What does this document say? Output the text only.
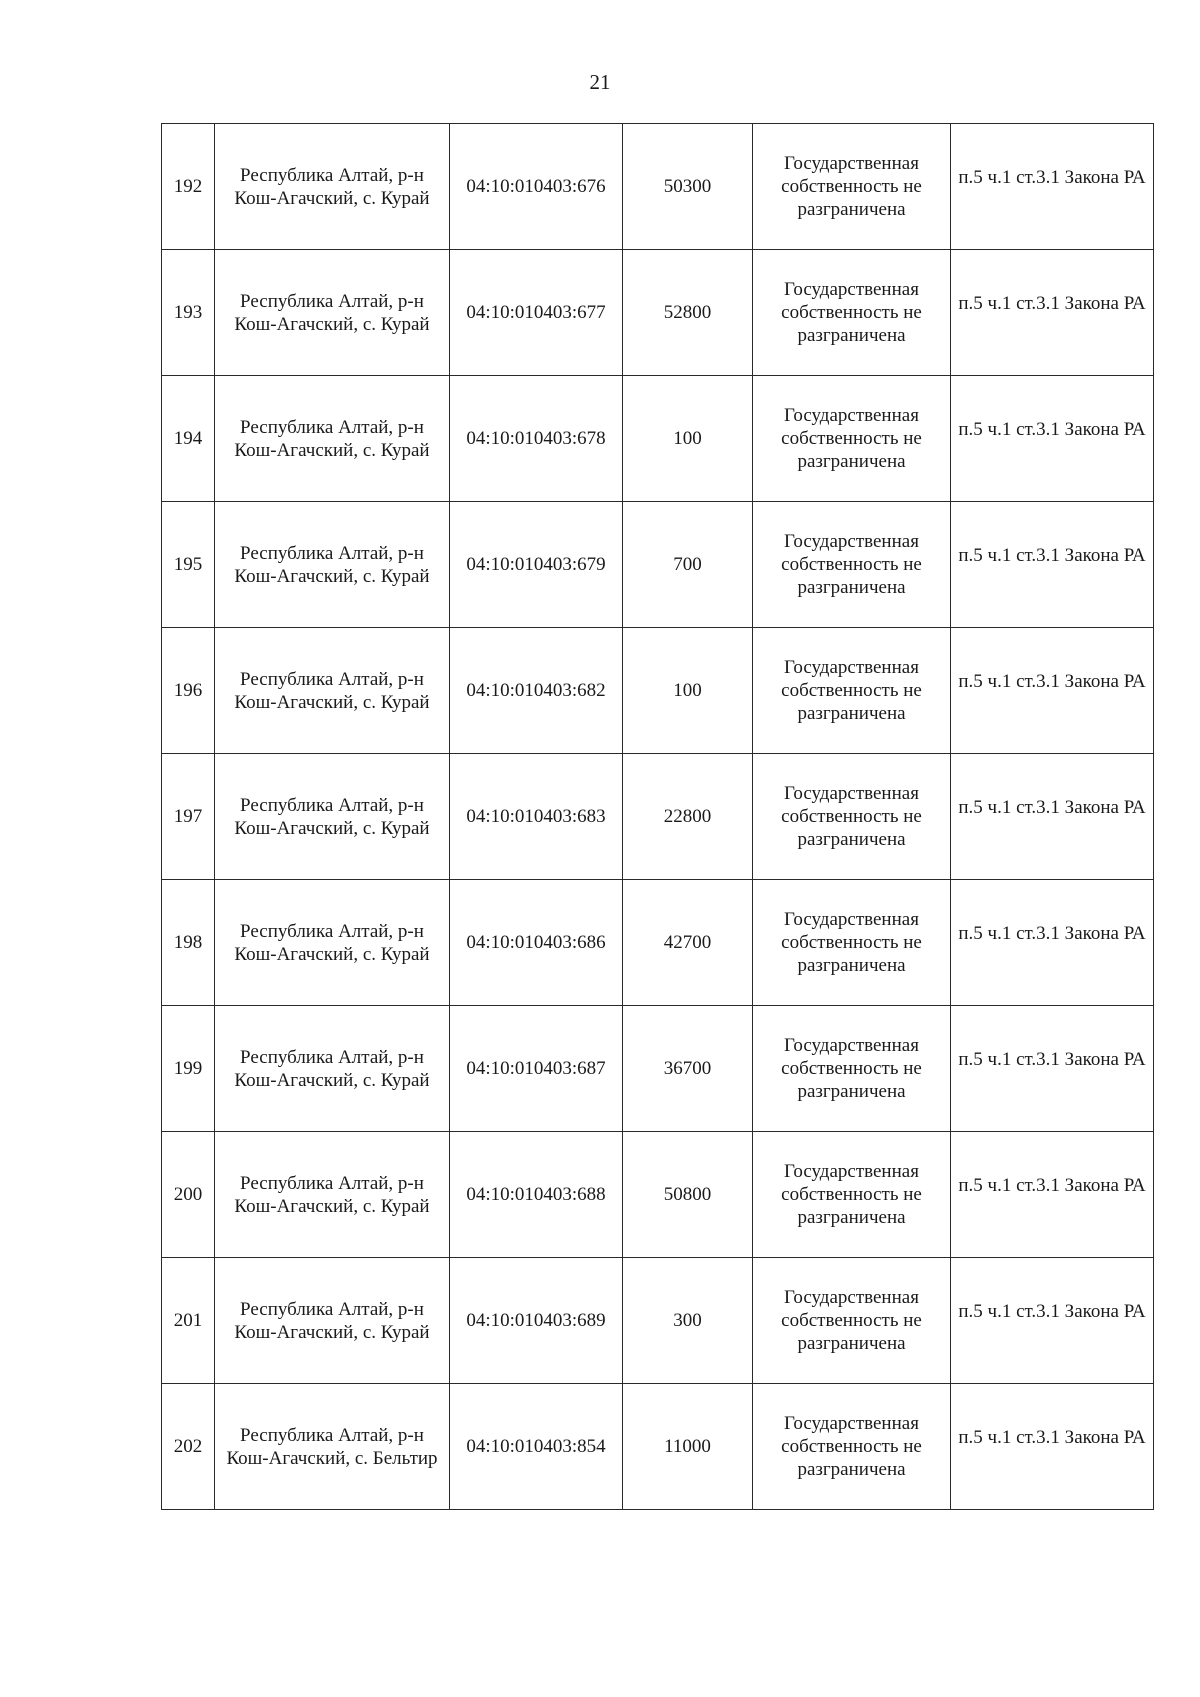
21
192	Республика Алтай, р-н Кош-Агачский, с. Курай	04:10:010403:676	50300	Государственная собственность не разграничена	п.5 ч.1 ст.3.1 Закона РА
193	Республика Алтай, р-н Кош-Агачский, с. Курай	04:10:010403:677	52800	Государственная собственность не разграничена	п.5 ч.1 ст.3.1 Закона РА
194	Республика Алтай, р-н Кош-Агачский, с. Курай	04:10:010403:678	100	Государственная собственность не разграничена	п.5 ч.1 ст.3.1 Закона РА
195	Республика Алтай, р-н Кош-Агачский, с. Курай	04:10:010403:679	700	Государственная собственность не разграничена	п.5 ч.1 ст.3.1 Закона РА
196	Республика Алтай, р-н Кош-Агачский, с. Курай	04:10:010403:682	100	Государственная собственность не разграничена	п.5 ч.1 ст.3.1 Закона РА
197	Республика Алтай, р-н Кош-Агачский, с. Курай	04:10:010403:683	22800	Государственная собственность не разграничена	п.5 ч.1 ст.3.1 Закона РА
198	Республика Алтай, р-н Кош-Агачский, с. Курай	04:10:010403:686	42700	Государственная собственность не разграничена	п.5 ч.1 ст.3.1 Закона РА
199	Республика Алтай, р-н Кош-Агачский, с. Курай	04:10:010403:687	36700	Государственная собственность не разграничена	п.5 ч.1 ст.3.1 Закона РА
200	Республика Алтай, р-н Кош-Агачский, с. Курай	04:10:010403:688	50800	Государственная собственность не разграничена	п.5 ч.1 ст.3.1 Закона РА
201	Республика Алтай, р-н Кош-Агачский, с. Курай	04:10:010403:689	300	Государственная собственность не разграничена	п.5 ч.1 ст.3.1 Закона РА
202	Республика Алтай, р-н Кош-Агачский, с. Бельтир	04:10:010403:854	11000	Государственная собственность не разграничена	п.5 ч.1 ст.3.1 Закона РА
